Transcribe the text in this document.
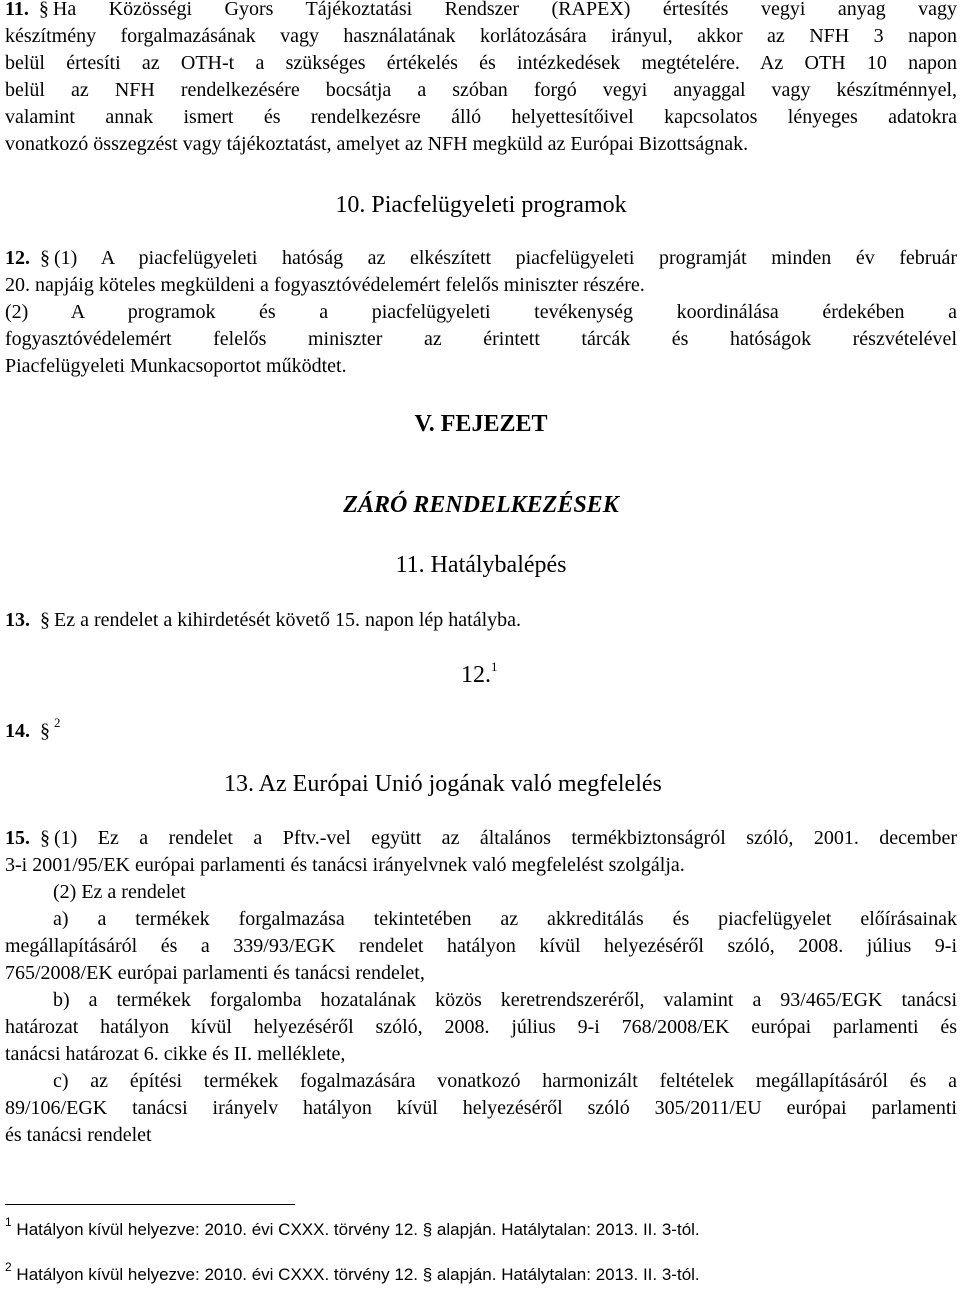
11. § Ha Közösségi Gyors Tájékoztatási Rendszer (RAPEX) értesítés vegyi anyag vagy
készítmény forgalmazásának vagy használatának korlátozására irányul, akkor az NFH 3 napon
belül értesíti az OTH-t a szükséges értékelés és intézkedések megtételére. Az OTH 10 napon
belül az NFH rendelkezésére bocsátja a szóban forgó vegyi anyaggal vagy készítménnyel,
valamint annak ismert és rendelkezésre álló helyettesítőivel kapcsolatos lényeges adatokra
vonatkozó összegzést vagy tájékoztatást, amelyet az NFH megküld az Európai Bizottságnak.
10. Piacfelügyeleti programok
12. § (1) A piacfelügyeleti hatóság az elkészített piacfelügyeleti programját minden év február
20. napjáig köteles megküldeni a fogyasztóvédelemért felelős miniszter részére.
(2) A programok és a piacfelügyeleti tevékenység koordinálása érdekében a
fogyasztóvédelemért felelős miniszter az érintett tárcák és hatóságok részvételével
Piacfelügyeleti Munkacsoportot működtet.
V. FEJEZET
ZÁRÓ RENDELKEZÉSEK
11. Hatálybalépés
13. § Ez a rendelet a kihirdetését követő 15. napon lép hatályba.
12.$^1$
14. § $^2$
13. Az Európai Unió jogának való megfelelés
15. § (1) Ez a rendelet a Pftv.-vel együtt az általános termékbiztonságról szóló, 2001. december
3-i 2001/95/EK európai parlamenti és tanácsi irányelvnek való megfelelést szolgálja.
(2) Ez a rendelet
a) a termékek forgalmazása tekintetében az akkreditálás és piacfelügyelet előírásainak
megállapításáról és a 339/93/EGK rendelet hatályon kívül helyezéséről szóló, 2008. július 9-i
765/2008/EK európai parlamenti és tanácsi rendelet,
b) a termékek forgalomba hozatalának közös keretrendszeréről, valamint a 93/465/EGK tanácsi
határozat hatályon kívül helyezéséről szóló, 2008. július 9-i 768/2008/EK európai parlamenti és
tanácsi határozat 6. cikke és II. melléklete,
c) az építési termékek fogalmazására vonatkozó harmonizált feltételek megállapításáról és a
89/106/EGK tanácsi irányelv hatályon kívül helyezéséről szóló 305/2011/EU európai parlamenti
és tanácsi rendelet
$^1$ Hatályon kívül helyezve: 2010. évi CXXX. törvény 12. § alapján. Hatálytalan: 2013. II. 3-tól.
$^2$ Hatályon kívül helyezve: 2010. évi CXXX. törvény 12. § alapján. Hatálytalan: 2013. II. 3-tól.
